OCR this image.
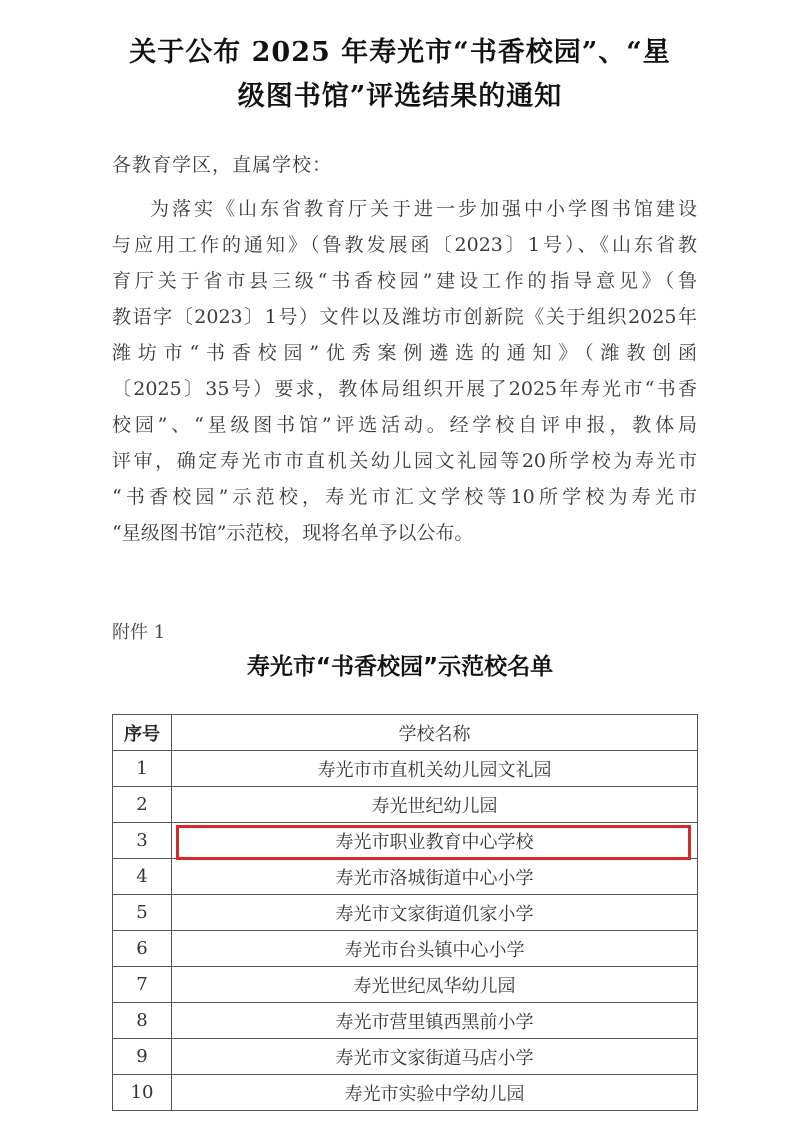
关于公布 2025 年寿光市“书香校园”、“星
级图书馆”评选结果的通知

各教育学区，直属学校：

为落实《山东省教育厅关于进一步加强中小学图书馆建设

与应用工作的通知》（鲁教发展函〔2023〕1号）、《山东省教

育厅关于省市县三级“书香校园”建设工作的指导意见》（鲁

教语字〔2023〕1号）文件以及潍坊市创新院《关于组织2025年

潍坊市“书香校园”优秀案例遴选的通知》（潍教创函

〔2025〕35号）要求，教体局组织开展了2025年寿光市“书香

校园”、“星级图书馆”评选活动。经学校自评申报，教体局

评审，确定寿光市市直机关幼儿园文礼园等20所学校为寿光市

“书香校园”示范校，寿光市汇文学校等10所学校为寿光市

“星级图书馆”示范校，现将名单予以公布。

附件 1

寿光市“书香校园”示范校名单
序号	学校名称
1	寿光市市直机关幼儿园文礼园
2	寿光世纪幼儿园
3	寿光市职业教育中心学校
4	寿光市洛城街道中心小学
5	寿光市文家街道仉家小学
6	寿光市台头镇中心小学
7	寿光世纪凤华幼儿园
8	寿光市营里镇西黑前小学
9	寿光市文家街道马店小学
10	寿光市实验中学幼儿园
